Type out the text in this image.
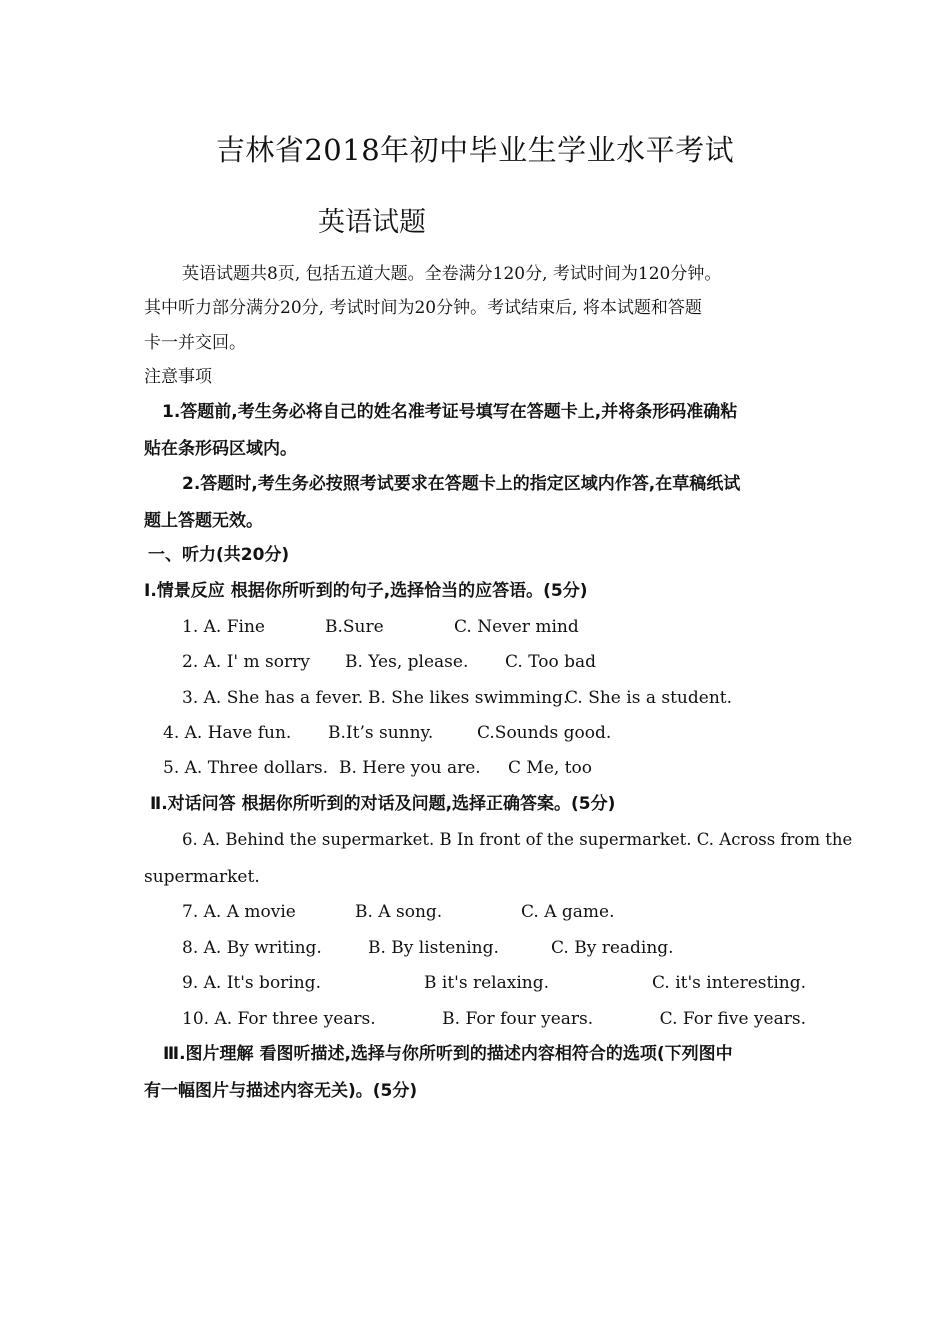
吉林省2018年初中毕业生学业水平考试
英语试题
英语试题共8页, 包括五道大题。全卷满分120分, 考试时间为120分钟。
其中听力部分满分20分, 考试时间为20分钟。考试结束后, 将本试题和答题
卡一并交回。
注意事项
1.答题前,考生务必将自己的姓名准考证号填写在答题卡上,并将条形码准确粘
贴在条形码区域内。
2.答题时,考生务必按照考试要求在答题卡上的指定区域内作答,在草稿纸试
题上答题无效。
一、听力(共20分)
Ⅰ.情景反应 根据你所听到的句子,选择恰当的应答语。(5分)
1. A. Fine	B.Sure	C. Never mind
2. A. I' m sorry B. Yes, please. C. Too bad
3. A. She has a fever. B. She likes swimming.
C. She is a student.
4. A. Have fun. B.It’s sunny.	C.Sounds good.
5. A. Three dollars. B. Here you are. C Me, too
Ⅱ.对话问答 根据你所听到的对话及问题,选择正确答案。(5分)
6. A. Behind the supermarket. B In front of the supermarket. C. Across from the
supermarket.
7. A. A movie	B. A song.	C. A game.
8. A. By writing.	B. By listening.	C. By reading.
9. A. It's boring.	B it's relaxing.	C. it's interesting.
10. A. For three years.	B. For four years.	C. For five years.
Ⅲ.图片理解 看图听描述,选择与你所听到的描述内容相符合的选项(下列图中
有一幅图片与描述内容无关)。(5分)
